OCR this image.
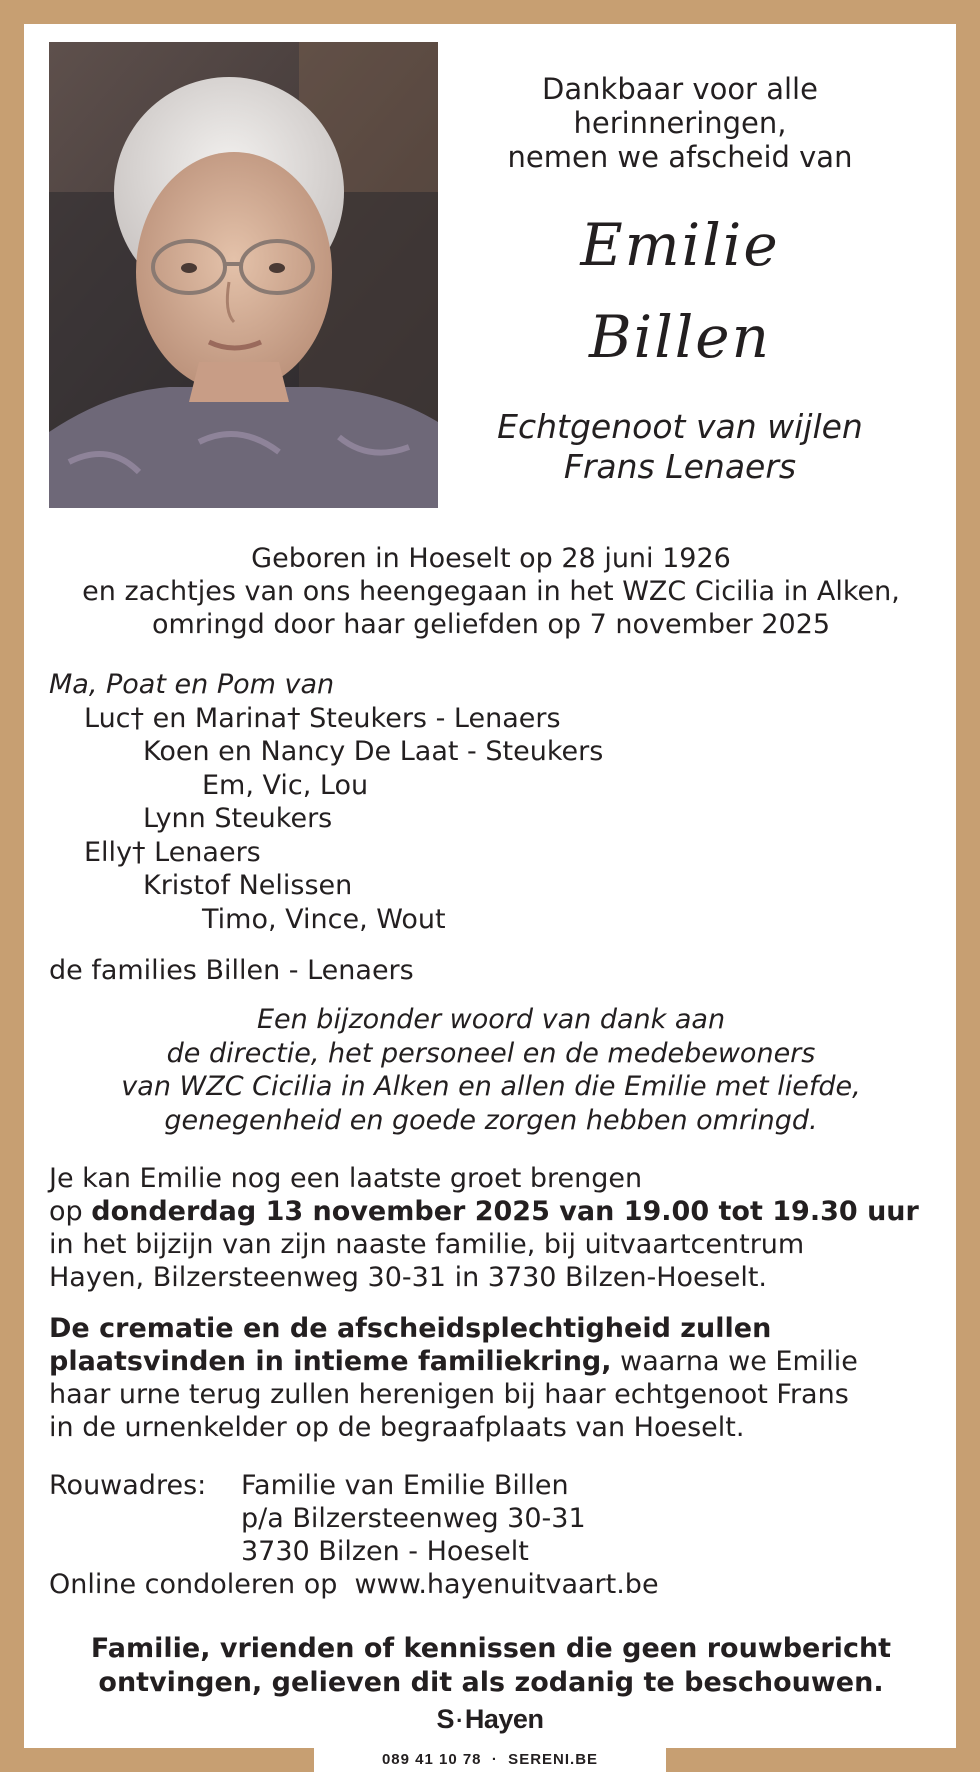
Dankbaar voor alle
herinneringen,
nemen we afscheid van
Emilie
Billen
Echtgenoot van wijlen
Frans Lenaers
Geboren in Hoeselt op 28 juni 1926
en zachtjes van ons heengegaan in het WZC Cicilia in Alken,
omringd door haar geliefden op 7 november 2025
Ma, Poat en Pom van
Luc† en Marina† Steukers - Lenaers
Koen en Nancy De Laat - Steukers
Em, Vic, Lou
Lynn Steukers
Elly† Lenaers
Kristof Nelissen
Timo, Vince, Wout
de families Billen - Lenaers
Een bijzonder woord van dank aan
de directie, het personeel en de medebewoners
van WZC Cicilia in Alken en allen die Emilie met liefde,
genegenheid en goede zorgen hebben omringd.
Je kan Emilie nog een laatste groet brengen
op donderdag 13 november 2025 van 19.00 tot 19.30 uur
in het bijzijn van zijn naaste familie, bij uitvaartcentrum
Hayen, Bilzersteenweg 30-31 in 3730 Bilzen-Hoeselt.
De crematie en de afscheidsplechtigheid zullen
plaatsvinden in intieme familiekring, waarna we Emilie
haar urne terug zullen herenigen bij haar echtgenoot Frans
in de urnenkelder op de begraafplaats van Hoeselt.
Rouwadres:	Familie van Emilie Billen
p/a Bilzersteenweg 30-31
3730 Bilzen - Hoeselt
Online condoleren op  www.hayenuitvaart.be
Familie, vrienden of kennissen die geen rouwbericht
ontvingen, gelieven dit als zodanig te beschouwen.
S·Hayen
089 41 10 78  ·  SERENI.BE
